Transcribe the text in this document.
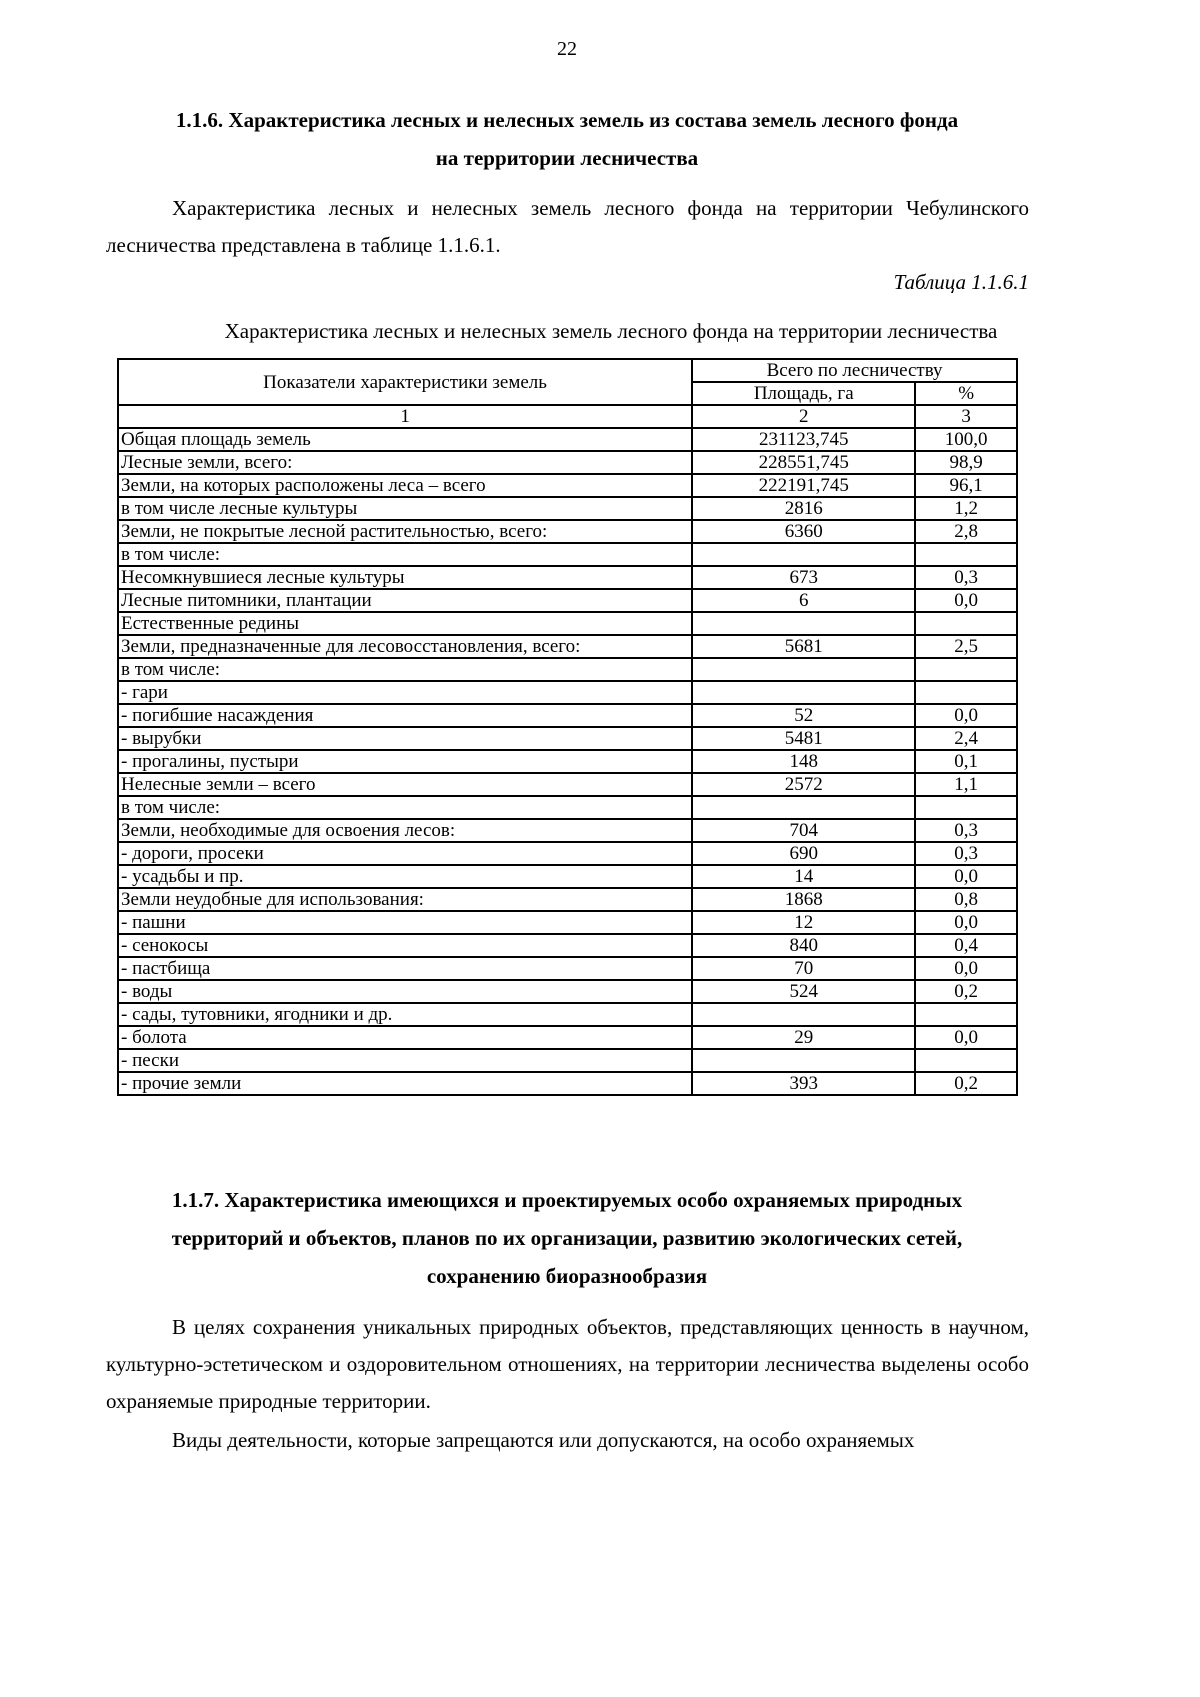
22
1.1.6. Характеристика лесных и нелесных земель из состава земель лесного фонда
на территории лесничества
Характеристика лесных и нелесных земель лесного фонда на территории Чебулинского лесничества представлена в таблице 1.1.6.1.
Таблица 1.1.6.1
Характеристика лесных и нелесных земель лесного фонда на территории лесничества
Показатели характеристики земель	Всего по лесничеству	
	Площадь, га	%
1	2	3
Общая площадь земель	231123,745	100,0
Лесные земли, всего:	228551,745	98,9
Земли, на которых расположены леса – всего	222191,745	96,1
в том числе лесные культуры	2816	1,2
Земли, не покрытые лесной растительностью, всего:	6360	2,8
в том числе:		
Несомкнувшиеся лесные культуры	673	0,3
Лесные питомники, плантации	6	0,0
Естественные редины		
Земли, предназначенные для лесовосстановления, всего:	5681	2,5
в том числе:		
- гари		
- погибшие насаждения	52	0,0
- вырубки	5481	2,4
- прогалины, пустыри	148	0,1
Нелесные земли – всего	2572	1,1
в том числе:		
Земли, необходимые для освоения лесов:	704	0,3
- дороги, просеки	690	0,3
- усадьбы и пр.	14	0,0
Земли неудобные для использования:	1868	0,8
- пашни	12	0,0
- сенокосы	840	0,4
- пастбища	70	0,0
- воды	524	0,2
- сады, тутовники, ягодники и др.		
- болота	29	0,0
- пески		
- прочие земли	393	0,2
1.1.7. Характеристика имеющихся и проектируемых особо охраняемых природных
территорий и объектов, планов по их организации, развитию экологических сетей,
сохранению биоразнообразия
В целях сохранения уникальных природных объектов, представляющих ценность в научном, культурно-эстетическом и оздоровительном отношениях, на территории лесничества выделены особо охраняемые природные территории.
Виды деятельности, которые запрещаются или допускаются, на особо охраняемых
